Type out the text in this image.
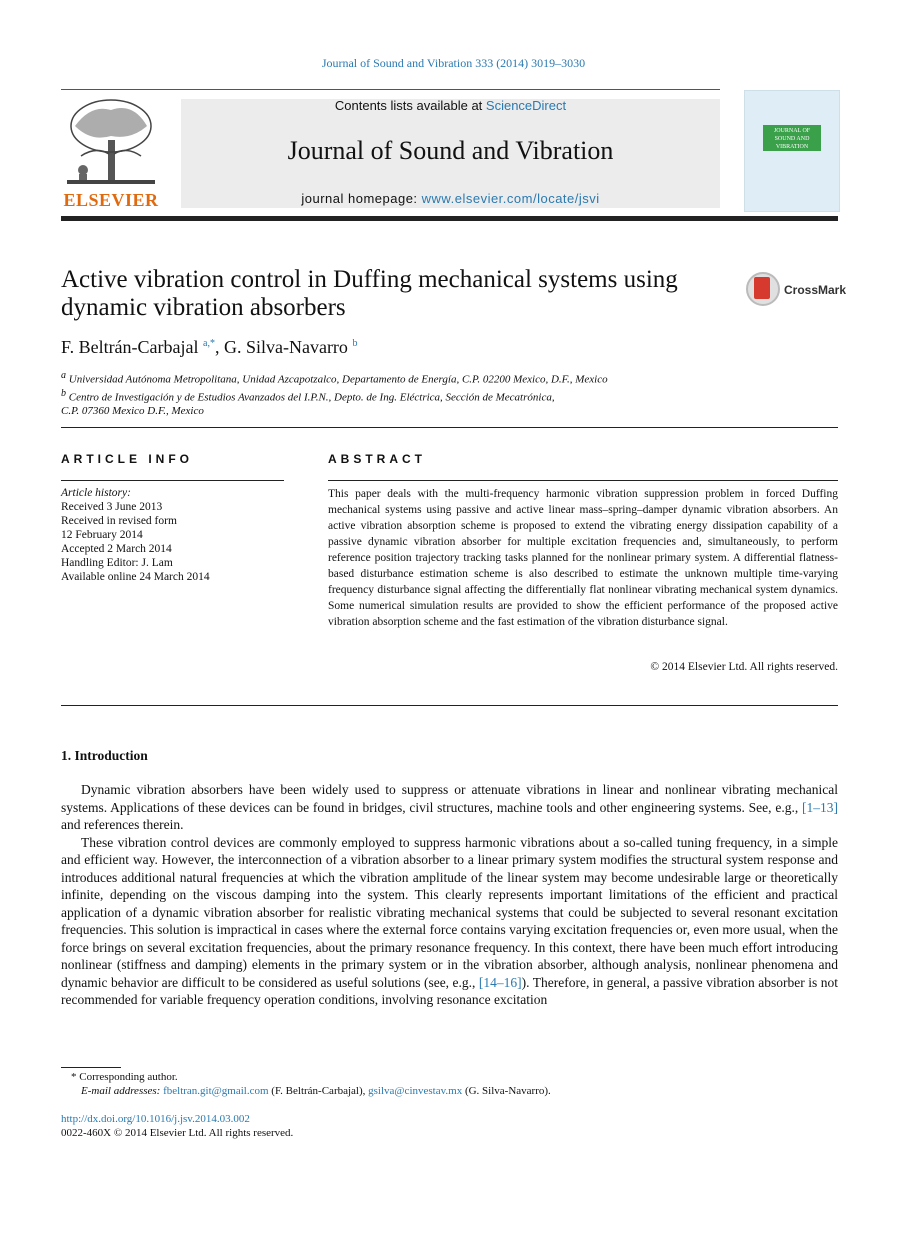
Journal of Sound and Vibration 333 (2014) 3019–3030
ELSEVIER
Contents lists available at ScienceDirect
Journal of Sound and Vibration
journal homepage: www.elsevier.com/locate/jsvi
JOURNAL OF SOUND AND VIBRATION
Active vibration control in Duffing mechanical systems using dynamic vibration absorbers
CrossMark
F. Beltrán-Carbajal $^{a,*}$, G. Silva-Navarro $^b$
$^a$ Universidad Autónoma Metropolitana, Unidad Azcapotzalco, Departamento de Energía, C.P. 02200 Mexico, D.F., Mexico
$^b$ Centro de Investigación y de Estudios Avanzados del I.P.N., Depto. de Ing. Eléctrica, Sección de Mecatrónica,
C.P. 07360 Mexico D.F., Mexico
ARTICLE INFO	ABSTRACT
Article history:
Received 3 June 2013
Received in revised form
12 February 2014
Accepted 2 March 2014
Handling Editor: J. Lam
Available online 24 March 2014
This paper deals with the multi-frequency harmonic vibration suppression problem in forced Duffing mechanical systems using passive and active linear mass–spring–damper dynamic vibration absorbers. An active vibration absorption scheme is proposed to extend the vibrating energy dissipation capability of a passive dynamic vibration absorber for multiple excitation frequencies and, simultaneously, to perform reference position trajectory tracking tasks planned for the nonlinear primary system. A differential flatness-based disturbance estimation scheme is also described to estimate the unknown multiple time-varying frequency disturbance signal affecting the differentially flat nonlinear vibrating mechanical system dynamics. Some numerical simulation results are provided to show the efficient performance of the proposed active vibration absorption scheme and the fast estimation of the vibration disturbance signal.
© 2014 Elsevier Ltd. All rights reserved.
1. Introduction

Dynamic vibration absorbers have been widely used to suppress or attenuate vibrations in linear and nonlinear vibrating mechanical systems. Applications of these devices can be found in bridges, civil structures, machine tools and other engineering systems. See, e.g., [1–13] and references therein.

These vibration control devices are commonly employed to suppress harmonic vibrations about a so-called tuning frequency, in a simple and efficient way. However, the interconnection of a vibration absorber to a linear primary system modifies the structural system response and introduces additional natural frequencies at which the vibration amplitude of the linear system may become undesirable large or theoretically infinite, depending on the viscous damping into the system. This clearly represents important limitations of the efficient and practical application of a dynamic vibration absorber for realistic vibrating mechanical systems that could be subjected to several resonant excitation frequencies. This solution is impractical in cases where the external force contains varying excitation frequencies or, even more usual, when the force brings on several excitation frequencies, about the primary resonance frequency. In this context, there have been much effort introducing nonlinear (stiffness and damping) elements in the primary system or in the vibration absorber, although analysis, nonlinear phenomena and dynamic behavior are difficult to be considered as useful solutions (see, e.g., [14–16]). Therefore, in general, a passive vibration absorber is not recommended for variable frequency operation conditions, involving resonance excitation

* Corresponding author.
E-mail addresses: fbeltran.git@gmail.com (F. Beltrán-Carbajal), gsilva@cinvestav.mx (G. Silva-Navarro).
http://dx.doi.org/10.1016/j.jsv.2014.03.002
0022-460X © 2014 Elsevier Ltd. All rights reserved.
